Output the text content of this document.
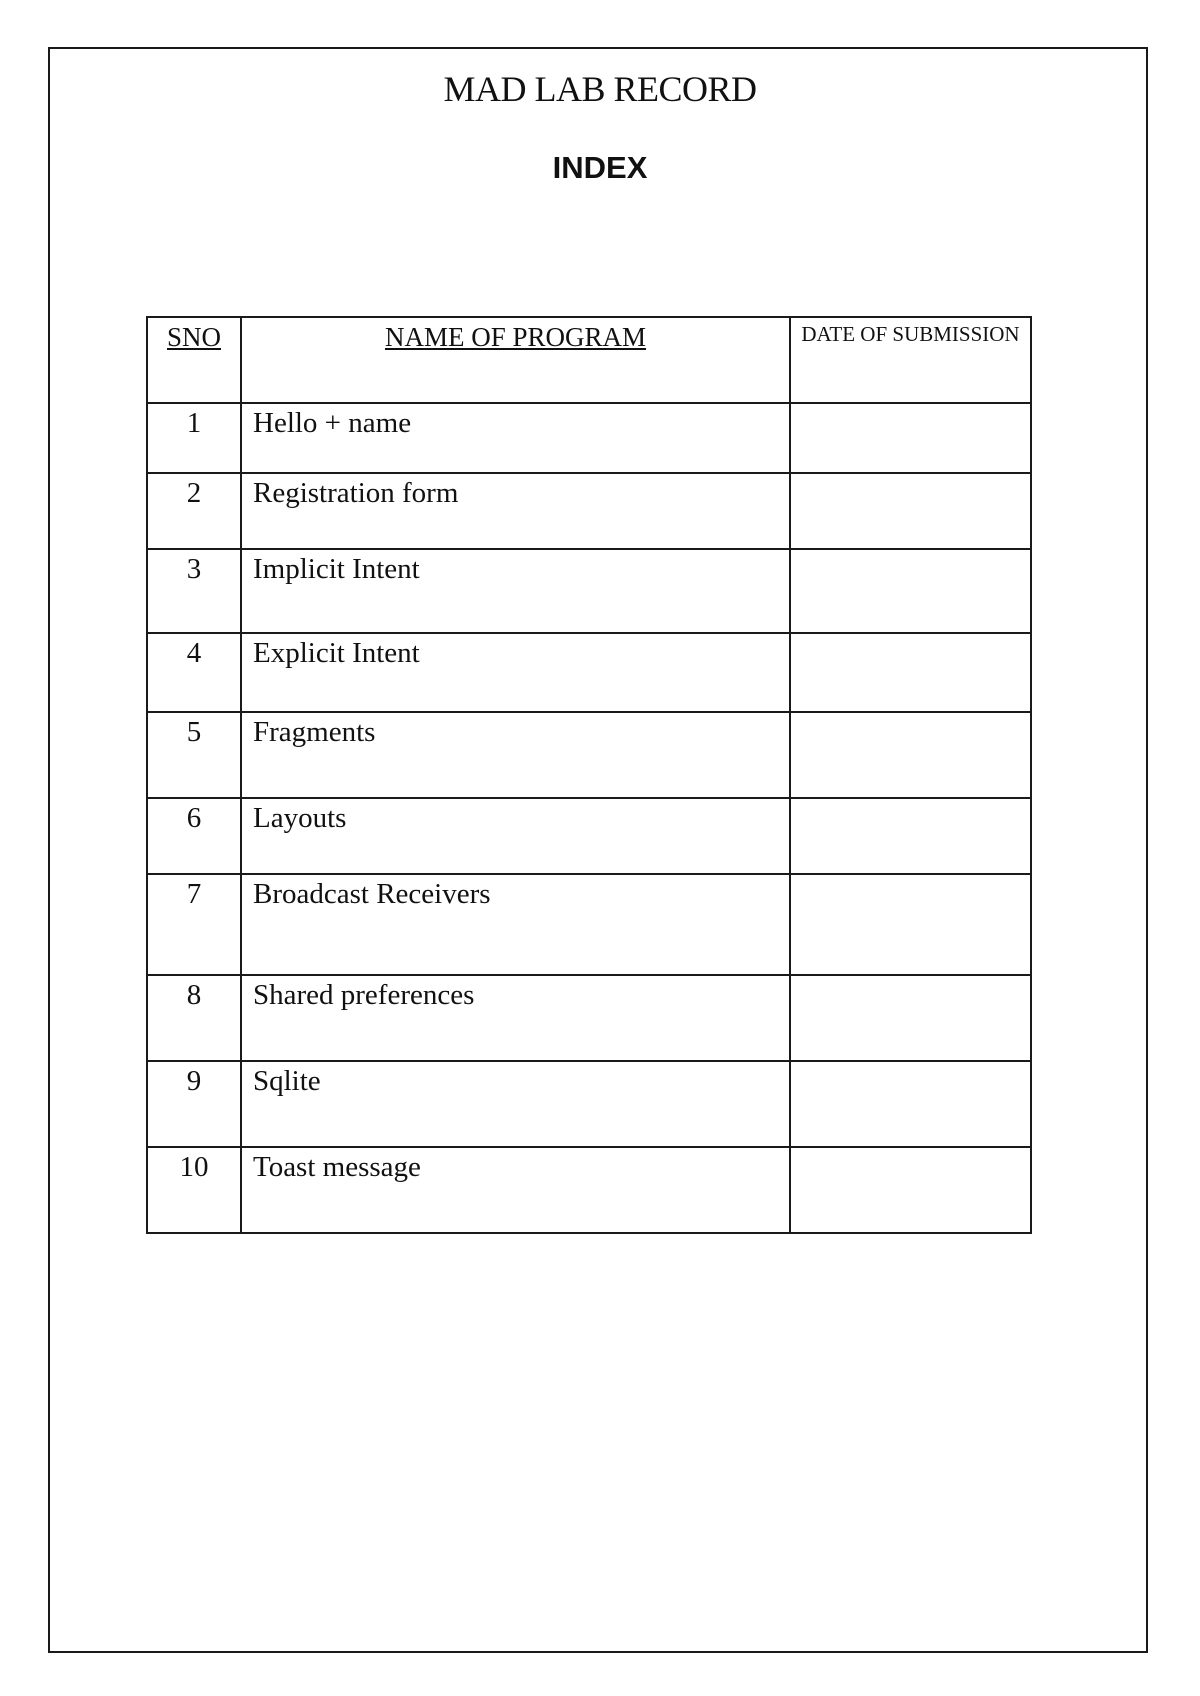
MAD LAB RECORD
INDEX
SNO	NAME OF PROGRAM	DATE OF SUBMISSION
1	Hello + name	
2	Registration form	
3	Implicit Intent	
4	Explicit Intent	
5	Fragments	
6	Layouts	
7	Broadcast Receivers	
8	Shared preferences	
9	Sqlite	
10	Toast message	
